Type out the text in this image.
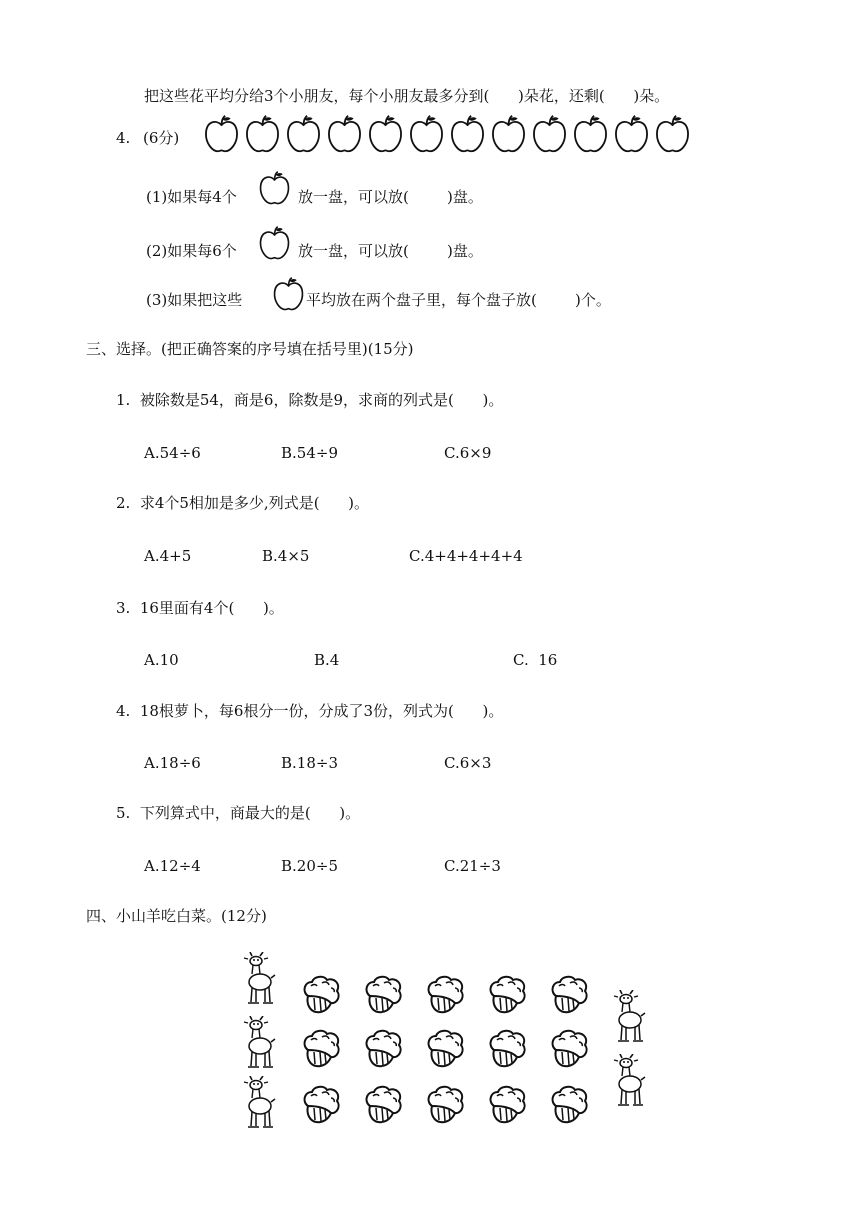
把这些花平均分给3个小朋友，每个小朋友最多分到(      )朵花，还剩(      )朵。
4. (6分)
(1)如果每4个	放一盘，可以放(        )盘。
(2)如果每6个	放一盘，可以放(        )盘。
(3)如果把这些	平均放在两个盘子里，每个盘子放(        )个。
三、选择。(把正确答案的序号填在括号里)(15分)
1.  被除数是54，商是6，除数是9，求商的列式是(      )。
A.54÷6	B.54÷9	C.6×9
2.  求4个5相加是多少,列式是(      )。
A.4+5	B.4×5	C.4+4+4+4+4
3.  16里面有4个(      )。
A.10	B.4	C.  16
4.  18根萝卜，每6根分一份，分成了3份，列式为(      )。
A.18÷6	B.18÷3	C.6×3
5.  下列算式中，商最大的是(      )。
A.12÷4	B.20÷5	C.21÷3
四、小山羊吃白菜。(12分)
